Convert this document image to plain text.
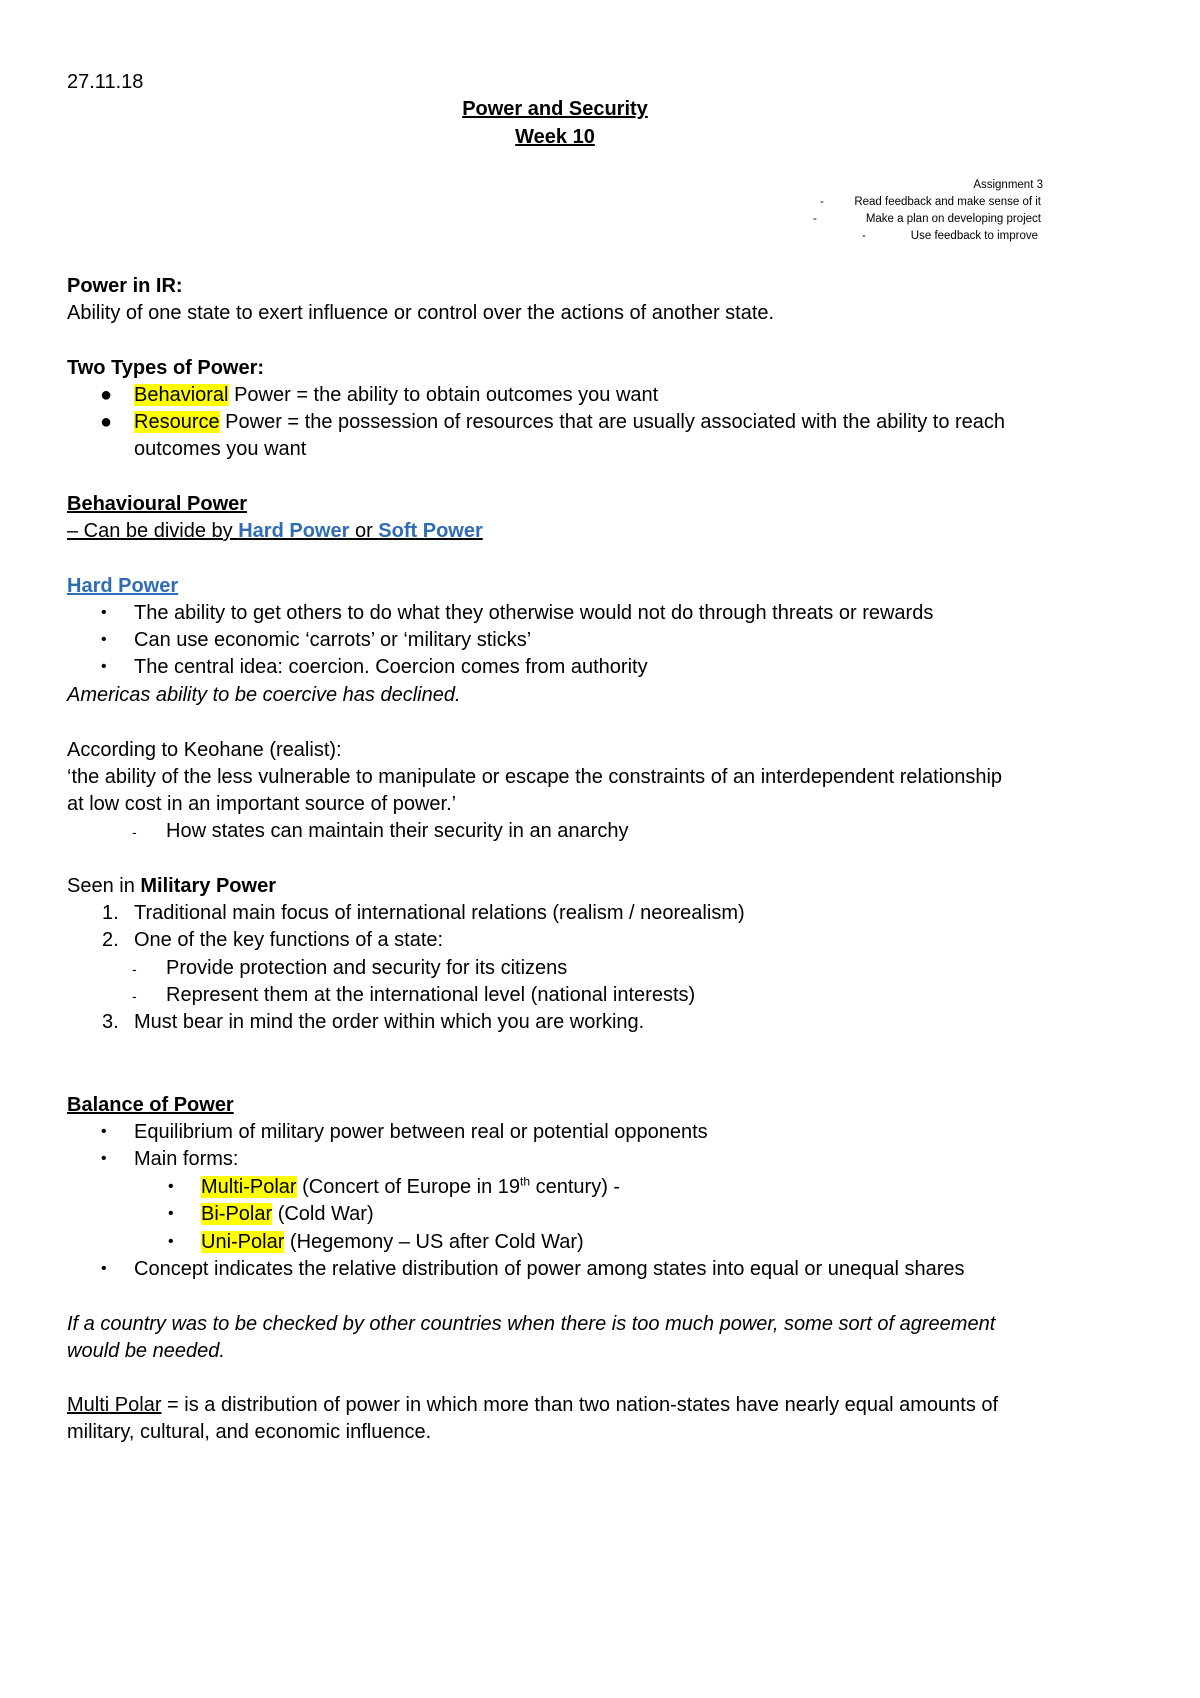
27.11.18
Power and Security
Week 10
Assignment 3
-	Read feedback and make sense of it
-	Make a plan on developing project
-	Use feedback to improve
Power in IR:
Ability of one state to exert influence or control over the actions of another state.
Two Types of Power:
● Behavioral Power = the ability to obtain outcomes you want
● Resource Power = the possession of resources that are usually associated with the ability to reach
outcomes you want
Behavioural Power
– Can be divide by Hard Power or Soft Power
Hard Power
• The ability to get others to do what they otherwise would not do through threats or rewards
• Can use economic ‘carrots’ or ‘military sticks’
• The central idea: coercion. Coercion comes from authority
Americas ability to be coercive has declined.
According to Keohane (realist):
‘the ability of the less vulnerable to manipulate or escape the constraints of an interdependent relationship
at low cost in an important source of power.’
- How states can maintain their security in an anarchy
Seen in Military Power
1. Traditional main focus of international relations (realism / neorealism)
2. One of the key functions of a state:
- Provide protection and security for its citizens
- Represent them at the international level (national interests)
3. Must bear in mind the order within which you are working.
Balance of Power
• Equilibrium of military power between real or potential opponents
• Main forms:
• Multi-Polar (Concert of Europe in 19th century) -
• Bi-Polar (Cold War)
• Uni-Polar (Hegemony – US after Cold War)
• Concept indicates the relative distribution of power among states into equal or unequal shares
If a country was to be checked by other countries when there is too much power, some sort of agreement
would be needed.
Multi Polar = is a distribution of power in which more than two nation-states have nearly equal amounts of
military, cultural, and economic influence.
